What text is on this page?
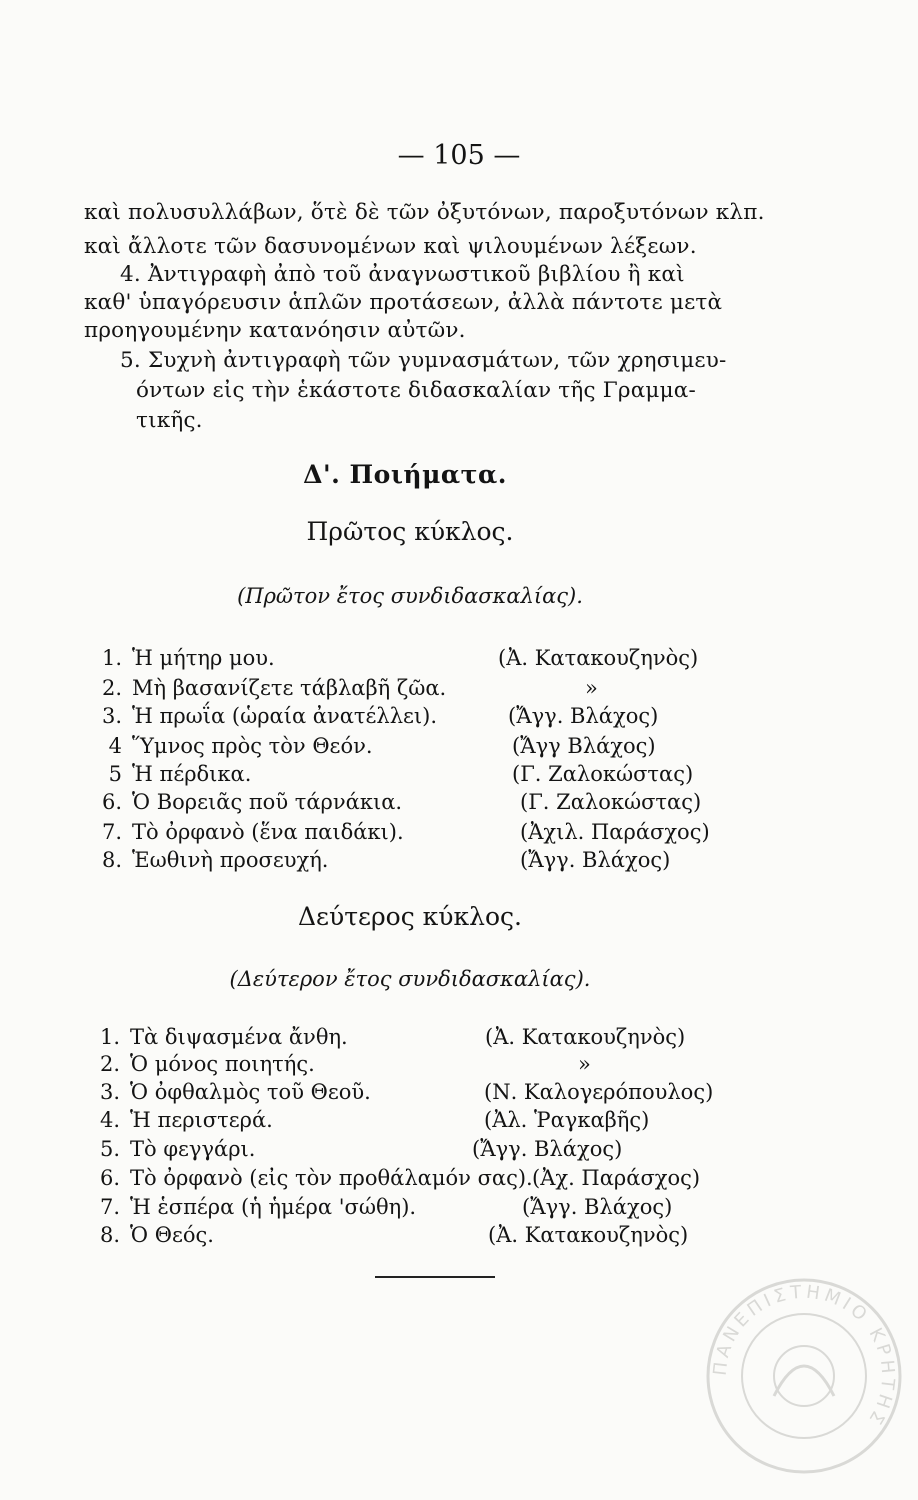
— 105 —
καὶ πολυσυλλάβων, ὅτὲ δὲ τῶν ὀξυτόνων, παροξυτόνων κλπ.
καὶ ἄλλοτε τῶν δασυνομένων καὶ ψιλουμένων λέξεων.
4. Ἀντιγραφὴ ἀπὸ τοῦ ἀναγνωστικοῦ βιβλίου ἢ καὶ
καθ' ὑπαγόρευσιν ἁπλῶν προτάσεων, ἀλλὰ πάντοτε μετὰ
προηγουμένην κατανόησιν αὐτῶν.
5. Συχνὴ ἀντιγραφὴ τῶν γυμνασμάτων, τῶν χρησιμευ-
όντων εἰς τὴν ἑκάστοτε διδασκαλίαν τῆς Γραμμα-
τικῆς.
Δ'. Ποιήματα.
Πρῶτος κύκλος.
(Πρῶτον ἔτος συνδιδασκαλίας).
1. Ἡ μήτηρ μου.	(Ἀ. Κατακουζηνὸς)
2. Μὴ βασανίζετε τάβλαβῆ ζῶα.	»
3. Ἡ πρωΐα (ὡραία ἀνατέλλει).	(Ἄγγ. Βλάχος)
4 Ὕμνος πρὸς τὸν Θεόν.	(Ἄγγ Βλάχος)
5 Ἡ πέρδικα.	(Γ. Ζαλοκώστας)
6. Ὁ Βορειᾶς ποῦ τάρνάκια.	(Γ. Ζαλοκώστας)
7. Τὸ ὀρφανὸ (ἕνα παιδάκι).	(Ἀχιλ. Παράσχος)
8. Ἑωθινὴ προσευχή.	(Ἄγγ. Βλάχος)
Δεύτερος κύκλος.
(Δεύτερον ἔτος συνδιδασκαλίας).
1. Τὰ διψασμένα ἄνθη.	(Ἀ. Κατακουζηνὸς)
2. Ὁ μόνος ποιητής.	»
3. Ὁ ὀφθαλμὸς τοῦ Θεοῦ.	(Ν. Καλογερόπουλος)
4. Ἡ περιστερά.	(Ἀλ. Ῥαγκαβῆς)
5. Τὸ φεγγάρι.	(Ἄγγ. Βλάχος)
6. Τὸ ὀρφανὸ (εἰς τὸν προθάλαμόν σας). (Ἀχ. Παράσχος)
7. Ἡ ἑσπέρα (ἡ ἡμέρα 'σώθη).	(Ἄγγ. Βλάχος)
8. Ὁ Θεός.	(Ἀ. Κατακουζηνὸς)
ΠΑΝΕΠΙΣΤΗΜΙΟ ΚΡΗΤΗΣ
